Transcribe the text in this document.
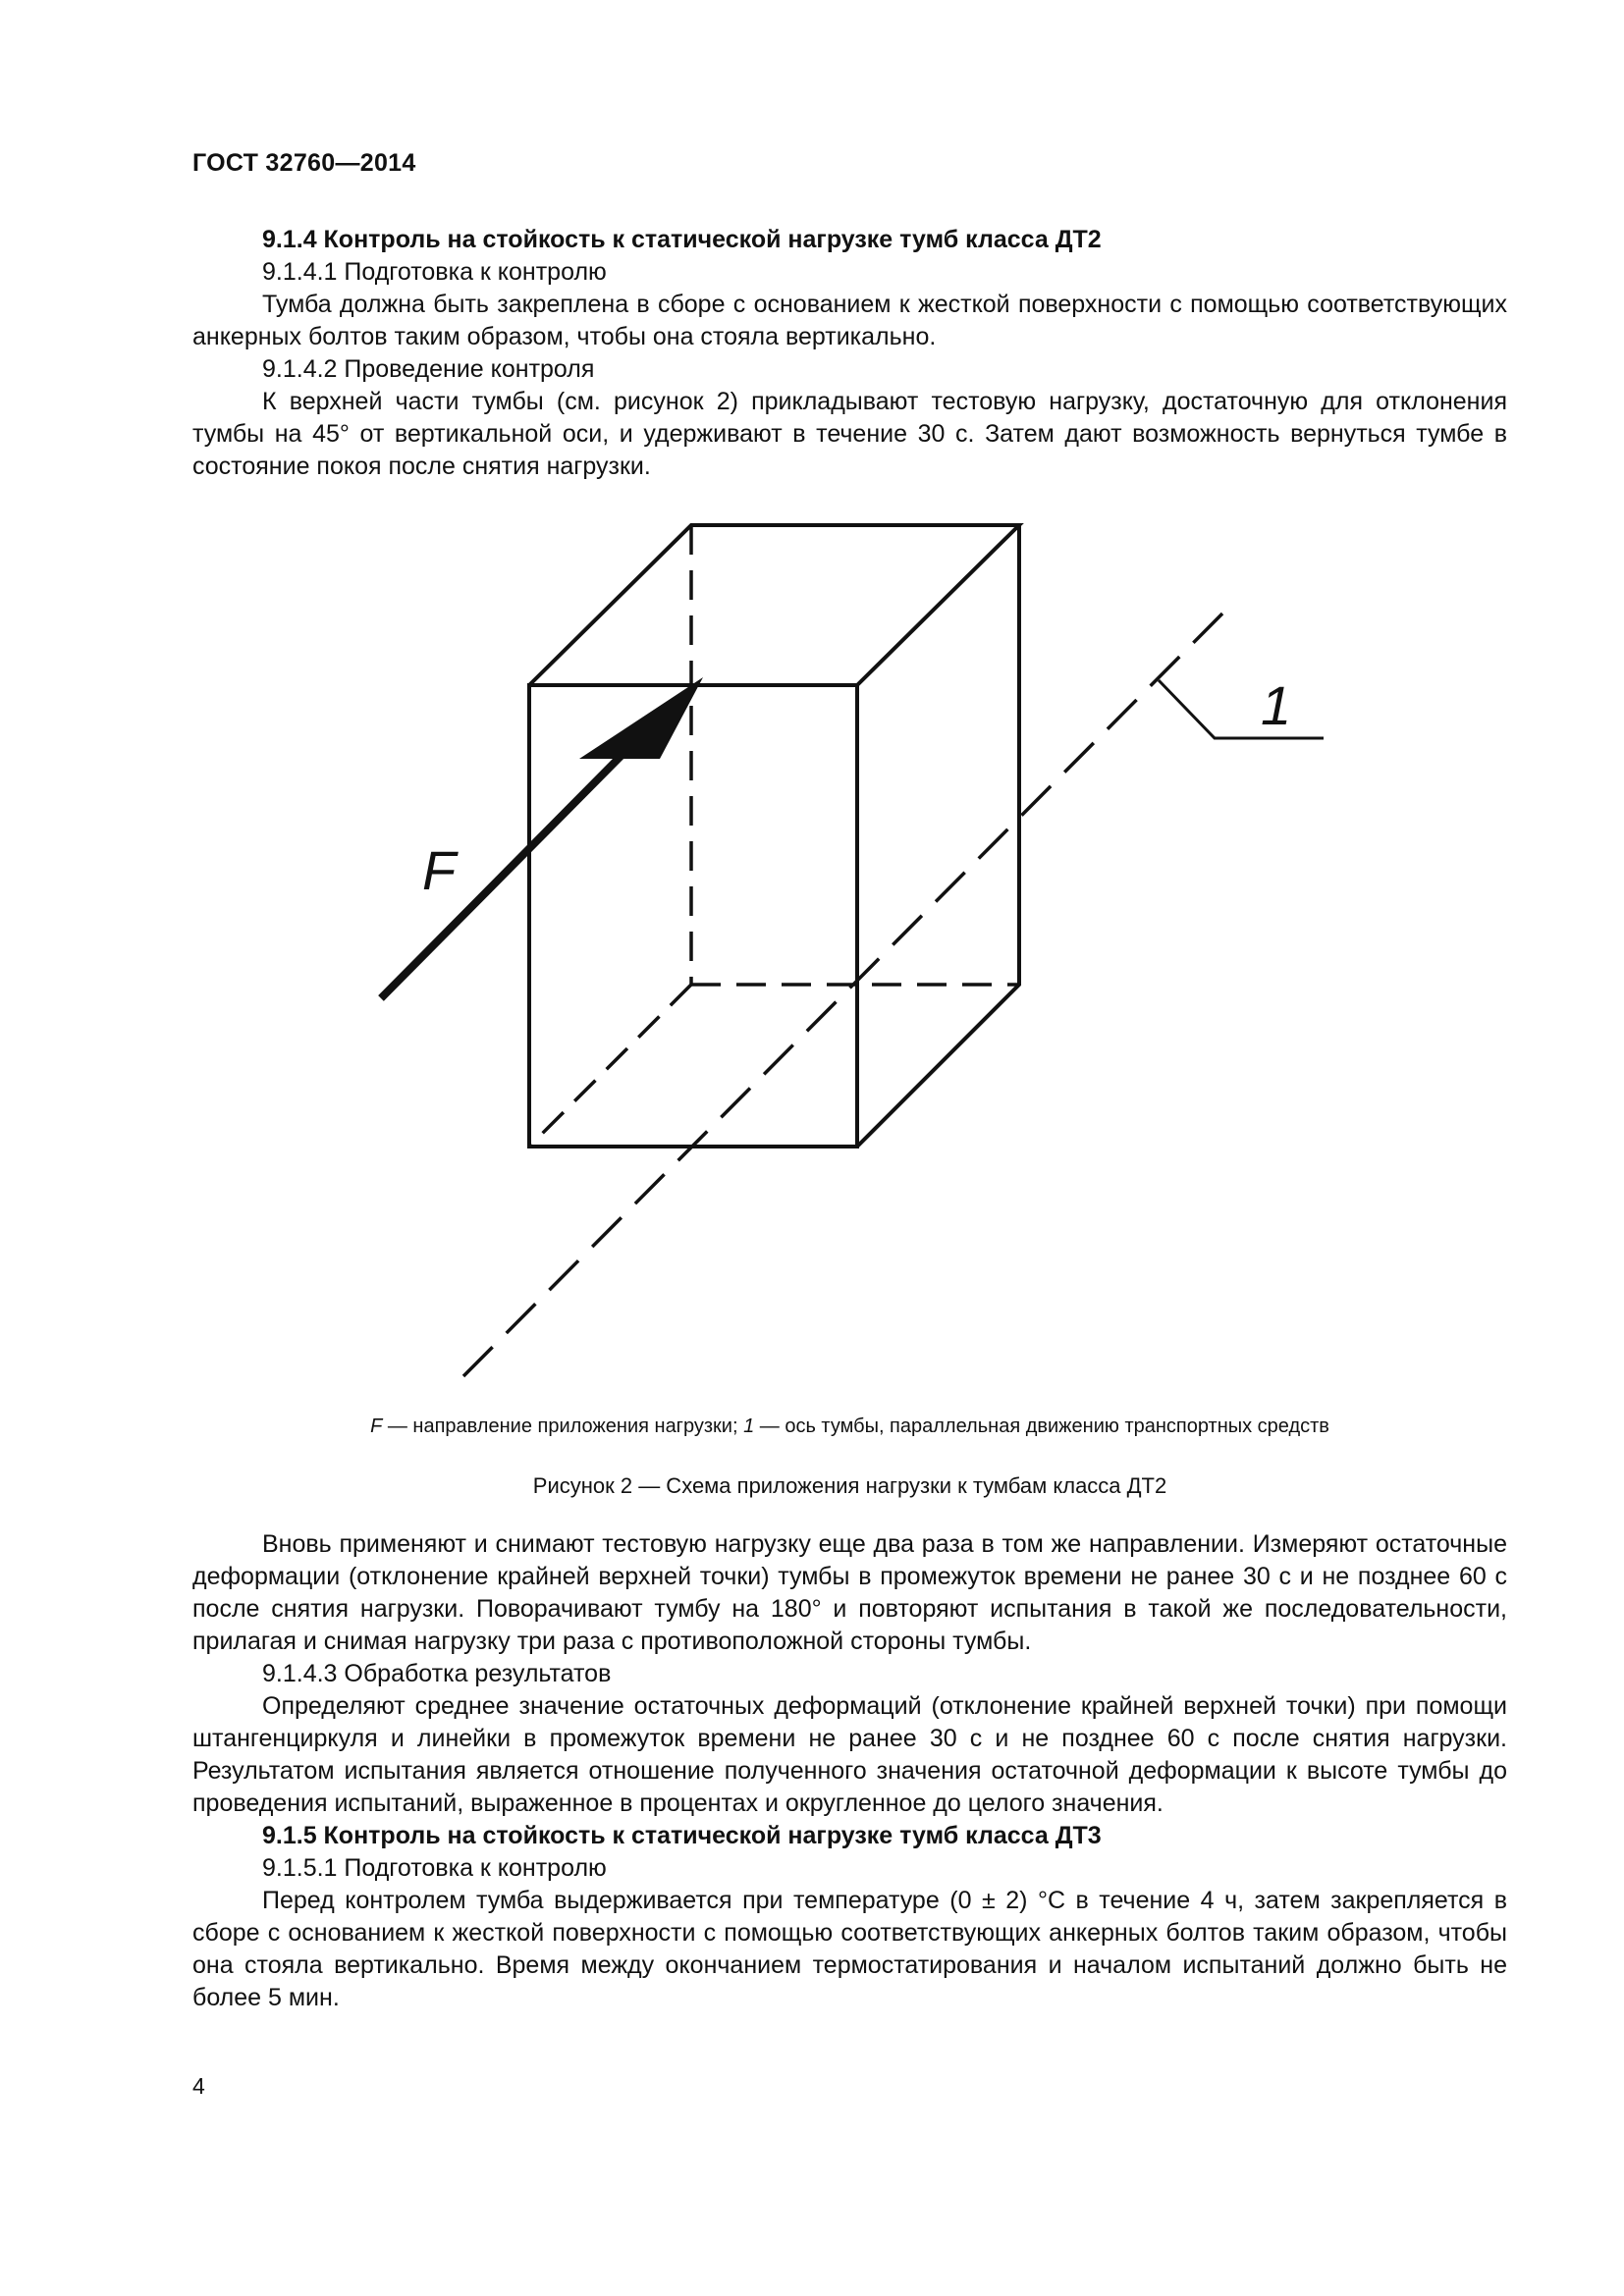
ГОСТ 32760—2014

9.1.4 Контроль на стойкость к статической нагрузке тумб класса ДТ2

9.1.4.1 Подготовка к контролю

Тумба должна быть закреплена в сборе с основанием к жесткой поверхности с помощью соответствующих анкерных болтов таким образом, чтобы она стояла вертикально.

9.1.4.2 Проведение контроля

К верхней части тумбы (см. рисунок 2) прикладывают тестовую нагрузку, достаточную для отклонения тумбы на 45° от вертикальной оси, и удерживают в течение 30 с. Затем дают возможность вернуться тумбе в состояние покоя после снятия нагрузки.

F
1
F — направление приложения нагрузки; 1 — ось тумбы, параллельная движению транспортных средств
Рисунок 2 — Схема приложения нагрузки к тумбам класса ДТ2

Вновь применяют и снимают тестовую нагрузку еще два раза в том же направлении. Измеряют остаточные деформации (отклонение крайней верхней точки) тумбы в промежуток времени не ранее 30 с и не позднее 60 с после снятия нагрузки. Поворачивают тумбу на 180° и повторяют испытания в такой же последовательности, прилагая и снимая нагрузку три раза с противоположной стороны тумбы.

9.1.4.3 Обработка результатов

Определяют среднее значение остаточных деформаций (отклонение крайней верхней точки) при помощи штангенциркуля и линейки в промежуток времени не ранее 30 с и не позднее 60 с после снятия нагрузки. Результатом испытания является отношение полученного значения остаточной деформации к высоте тумбы до проведения испытаний, выраженное в процентах и округленное до целого значения.

9.1.5 Контроль на стойкость к статической нагрузке тумб класса ДТ3

9.1.5.1 Подготовка к контролю

Перед контролем тумба выдерживается при температуре (0 ± 2) °С в течение 4 ч, затем закрепляется в сборе с основанием к жесткой поверхности с помощью соответствующих анкерных болтов таким образом, чтобы она стояла вертикально. Время между окончанием термостатирования и началом испытаний должно быть не более 5 мин.

4
